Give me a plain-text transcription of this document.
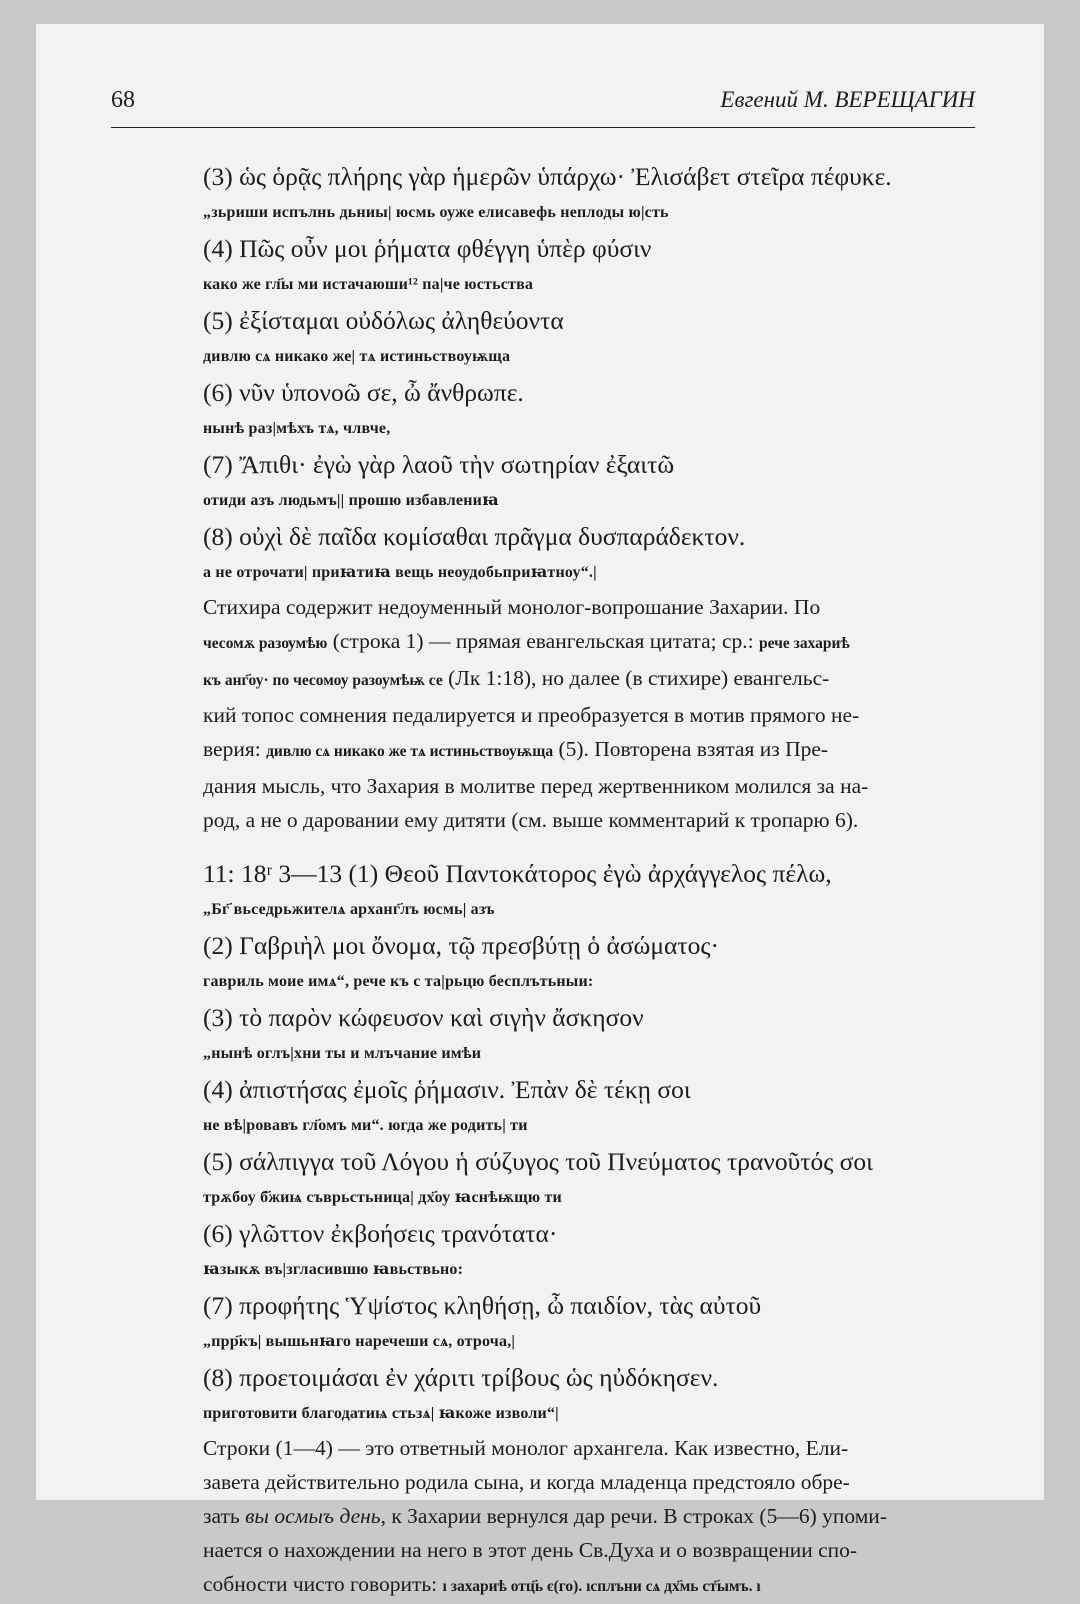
68	Евгений М. ВЕРЕЩАГИН
(3) ὡς ὁρᾷς πλήρης γὰρ ἡμερῶν ὑπάρχω· Ἐλισάβετ στεῖρα πέφυκε.
„зьриши испълнь дьниы| юсмь оуже елисавефь неплоды ю|сть
(4) Πῶς οὖν μοι ῥήματα φθέγγη ὑπὲρ φύσιν
како же гл҃ы ми истачаюши¹² па|че юстьства
(5) ἐξίσταμαι οὐδόλως ἀληθεύοντα
дивлю сѧ никако же| тѧ истиньствоуѭща
(6) νῦν ὑπονοῶ σε, ὦ ἄνθρωπε.
нынѣ раз|мѣхъ тѧ, члвче,
(7) Ἄπιθι· ἐγὼ γὰρ λαοῦ τὴν σωτηρίαν ἐξαιτῶ
отиди азъ людьмъ|| прошю избавлениꙗ
(8) οὐχὶ δὲ παῖδα κομίσαθαι πρᾶγμα δυσπαράδεκτον.
а не отрочати| приꙗтиꙗ вещь неоудобьприꙗтноу“.|
Стихира содержит недоуменный монолог-вопрошание Захарии. По
чесомѫ разѹмѣю (строка 1) — прямая евангельская цитата; ср.: рече захариѣ
къ анг҃оу· по чесомоу разоумѣѭ се (Лк 1:18), но далее (в стихире) евангельс-
кий топос сомнения педалируется и преобразуется в мотив прямого не-
верия: дивлю сѧ никако же тѧ истиньствоуѭща (5). Повторена взятая из Пре-
дания мысль, что Захария в молитве перед жертвенником молился за на-
род, а не о даровании ему дитяти (см. выше комментарий к тропарю 6).
11: 18ʳ 3—13 (1) Θεοῦ Παντοκάτορος ἐγὼ ἀρχάγγελος πέλω,
„Бг҃ вьседрьжителѧ арханг҃лъ юсмь| азъ
(2) Γαβριὴλ μοι ὄνομα, τῷ πρεσβύτῃ ὁ ἀσώματος·
гавриль моие имѧ“, рече къ с та|рьцю бесплътьныи:
(3) τὸ παρὸν κώφευσον καὶ σιγὴν ἄσκησον
„нынѣ оглъ|хни ты и млъчание имѣи
(4) ἀπιστήσας ἐμοῖς ῥήμασιν. Ἐπὰν δὲ τέκῃ σοι
не вѣ|ровавъ гл҃омъ ми“. югда же родить| ти
(5) σάλπιγγα τοῦ Λόγου ἡ σύζυγος τοῦ Πνεύματος τρανοῦτός σοι
трѫбоу б҃жиѩ съврьстьница| дх҃оу ꙗснѣѭщю ти
(6) γλῶττον ἐκβοήσεις τρανότατα·
ꙗзыкѫ въ|згласившю ꙗвьствьно:
(7) προφήτης Ὑψίστος κληθήσῃ, ὦ παιδίον, τὰς αὐτοῦ
„прр҃къ| вышьнꙗго наречеши сѧ, отроча,|
(8) προετοιμάσαι ἐν χάριτι τρίβους ὡς ηὐδόκησεν.
приготовити благодатиѩ стьзѧ| ꙗкоже изволи“|
Строки (1—4) — это ответный монолог архангела. Как известно, Ели-
завета действительно родила сына, и когда младенца предстояло обре-
зать вы осмыъ день, к Захарии вернулся дар речи. В строках (5—6) упоми-
нается о нахождении на него в этот день Св.Духа и о возвращении спо-
собности чисто говорить: ı захариѣ отц҃ь є(го). ıсплъни сѧ дх҃мь ст҃ымъ. ı
